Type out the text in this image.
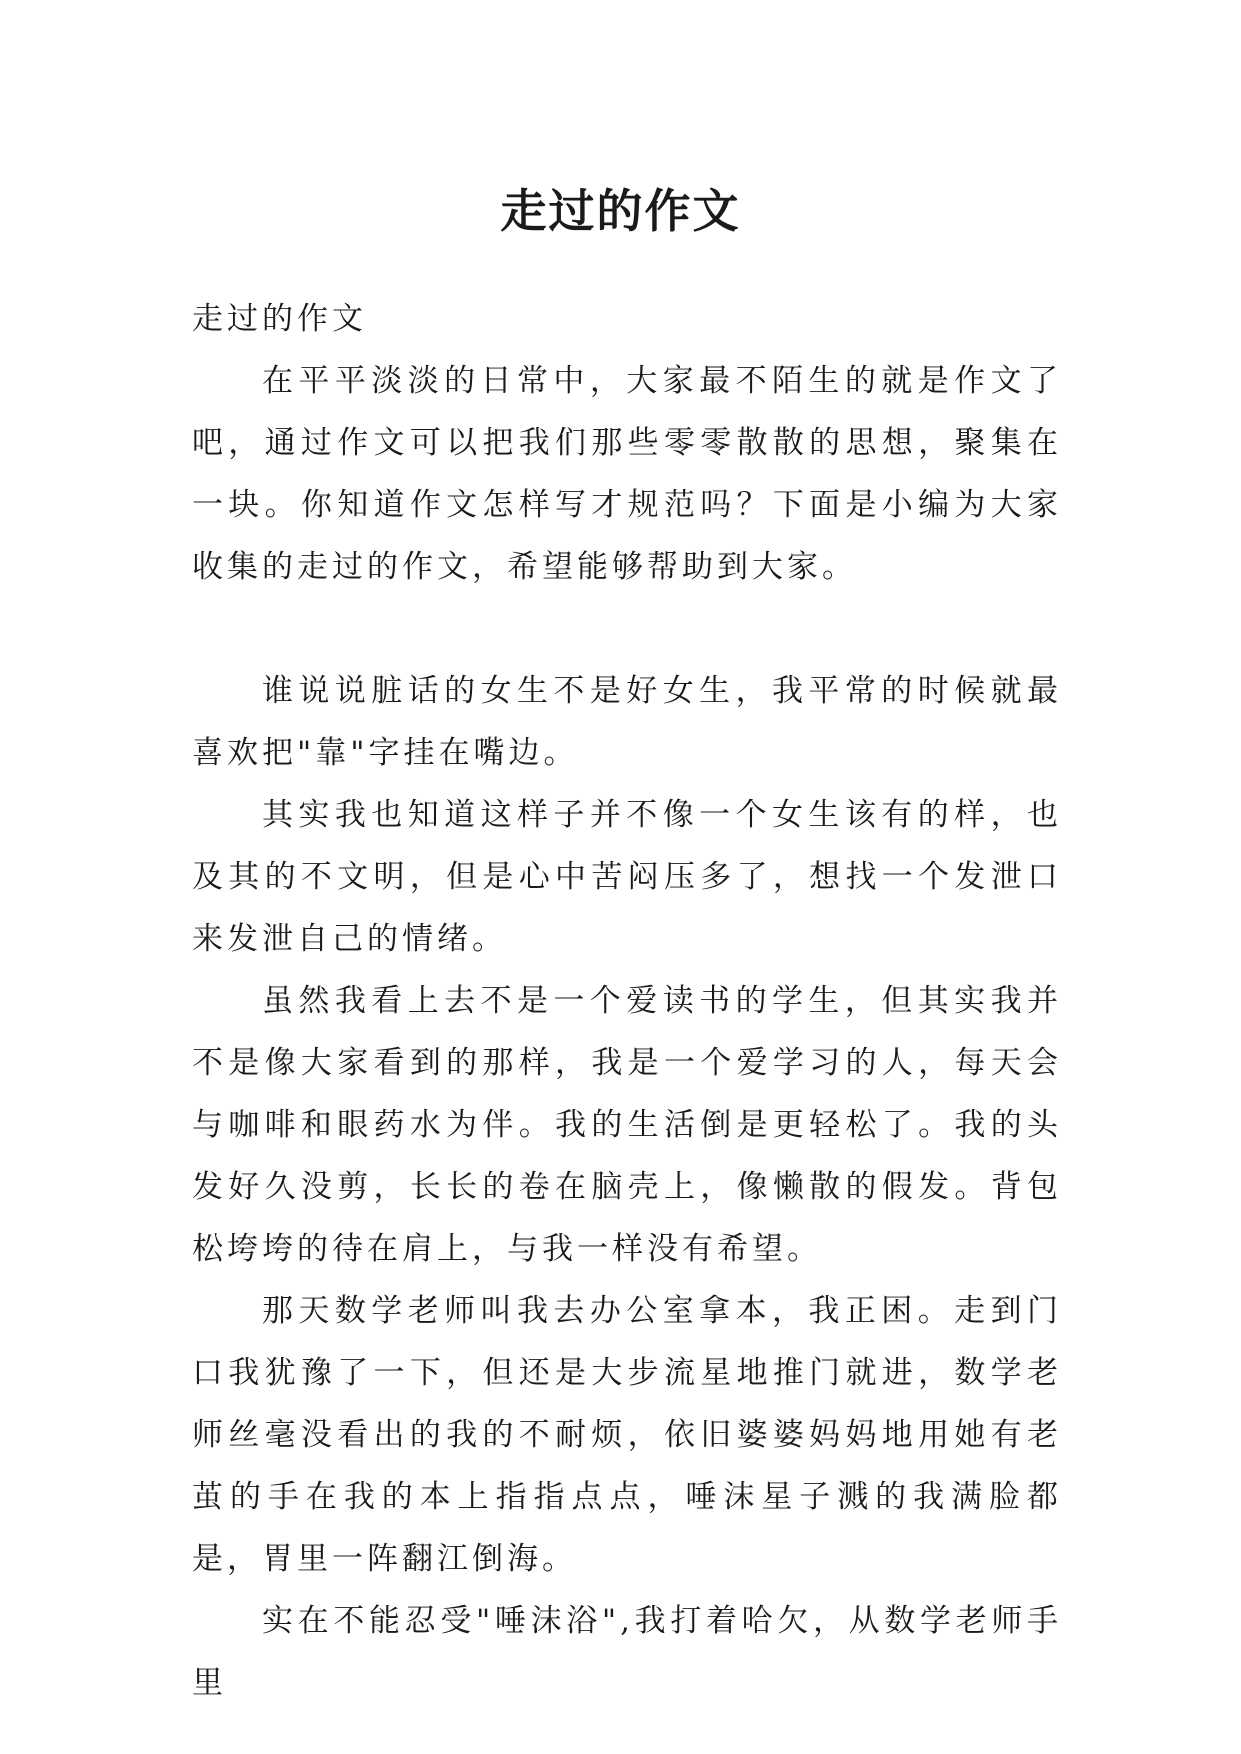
走过的作文

走过的作文

在平平淡淡的日常中，大家最不陌生的就是作文了吧，通过作文可以把我们那些零零散散的思想，聚集在一块。你知道作文怎样写才规范吗？下面是小编为大家收集的走过的作文，希望能够帮助到大家。

谁说说脏话的女生不是好女生，我平常的时候就最喜欢把"靠"字挂在嘴边。

其实我也知道这样子并不像一个女生该有的样，也及其的不文明，但是心中苦闷压多了，想找一个发泄口来发泄自己的情绪。

虽然我看上去不是一个爱读书的学生，但其实我并不是像大家看到的那样，我是一个爱学习的人，每天会与咖啡和眼药水为伴。我的生活倒是更轻松了。我的头发好久没剪，长长的卷在脑壳上，像懒散的假发。背包松垮垮的待在肩上，与我一样没有希望。

那天数学老师叫我去办公室拿本，我正困。走到门口我犹豫了一下，但还是大步流星地推门就进，数学老师丝毫没看出的我的不耐烦，依旧婆婆妈妈地用她有老茧的手在我的本上指指点点，唾沫星子溅的我满脸都是，胃里一阵翻江倒海。

实在不能忍受"唾沫浴",我打着哈欠，从数学老师手里
